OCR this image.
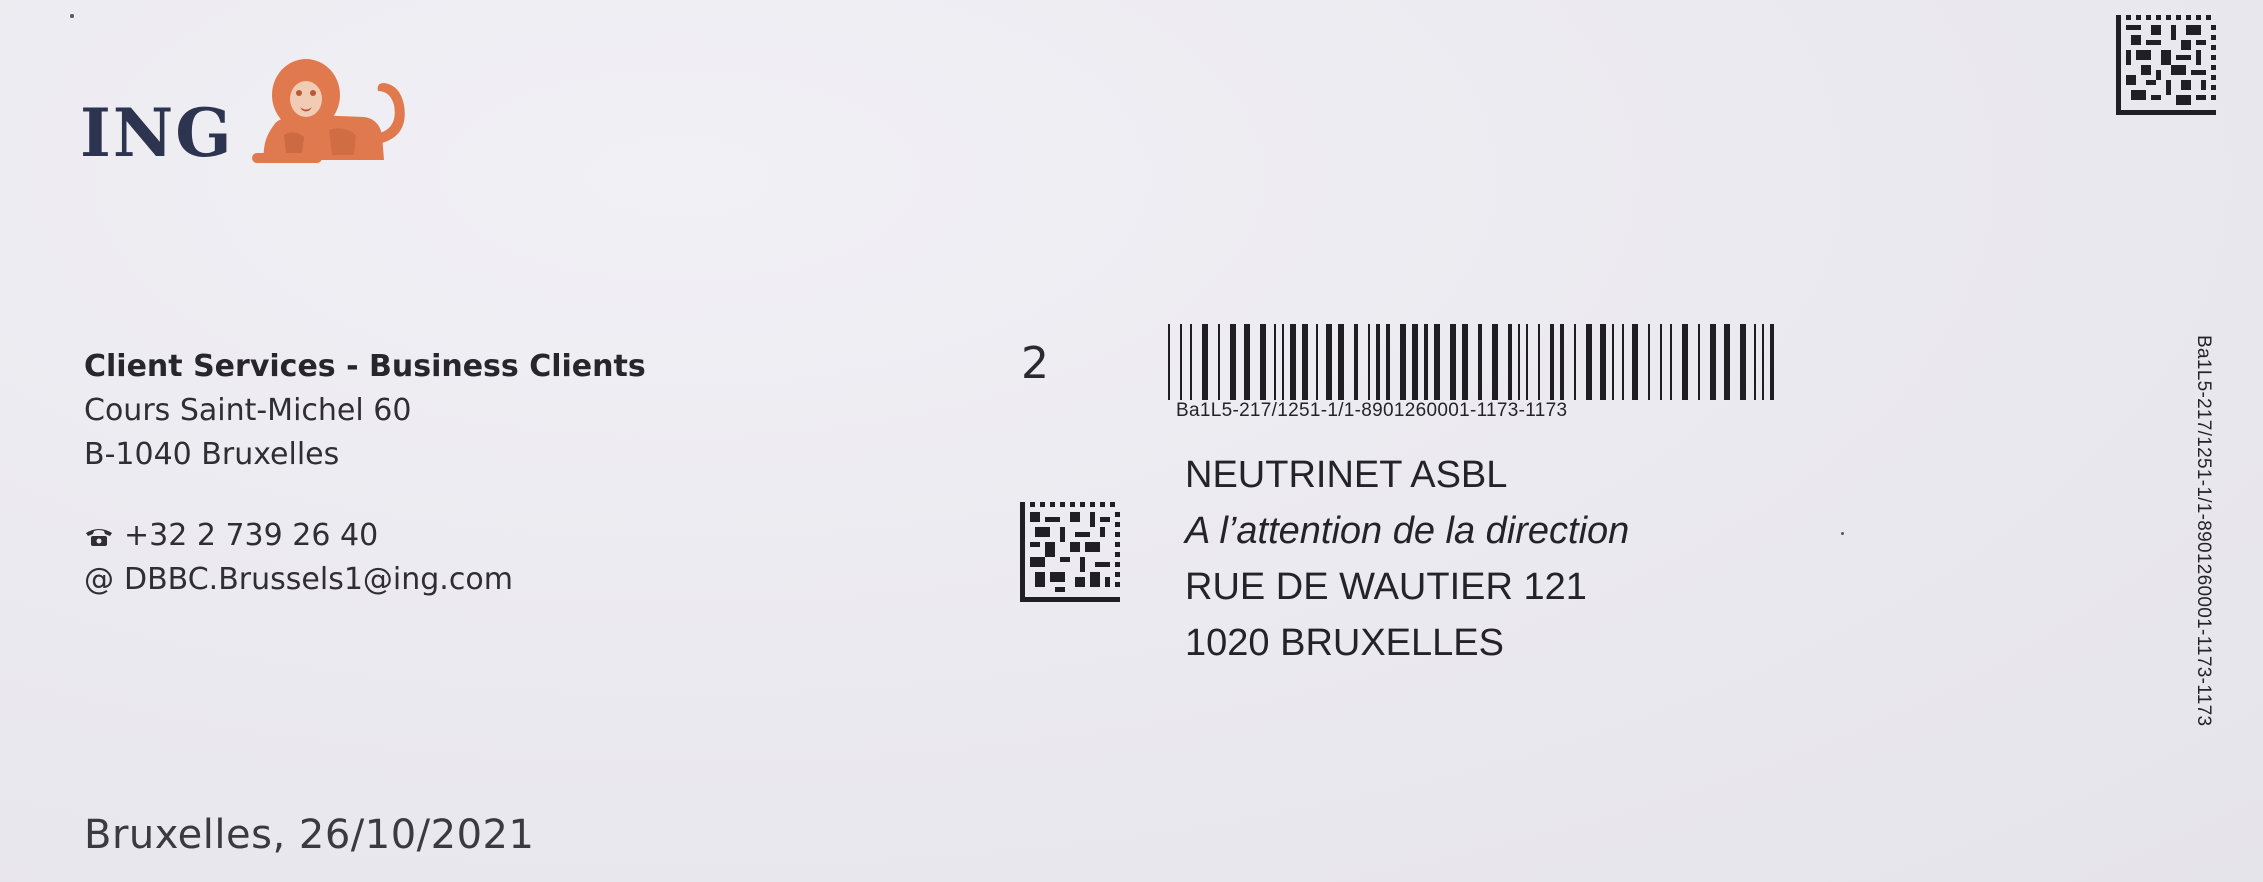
ING
Client Services - Business Clients
Cours Saint-Michel 60
B-1040 Bruxelles
+32 2 739 26 40
@ DBBC.Brussels1@ing.com
2
Ba1L5-217/1251-1/1-8901260001-1173-1173
NEUTRINET ASBL
A l’attention de la direction
RUE DE WAUTIER 121
1020 BRUXELLES	Ba1L5-217/1251-1/1-8901260001-1173-1173
Bruxelles, 26/10/2021
